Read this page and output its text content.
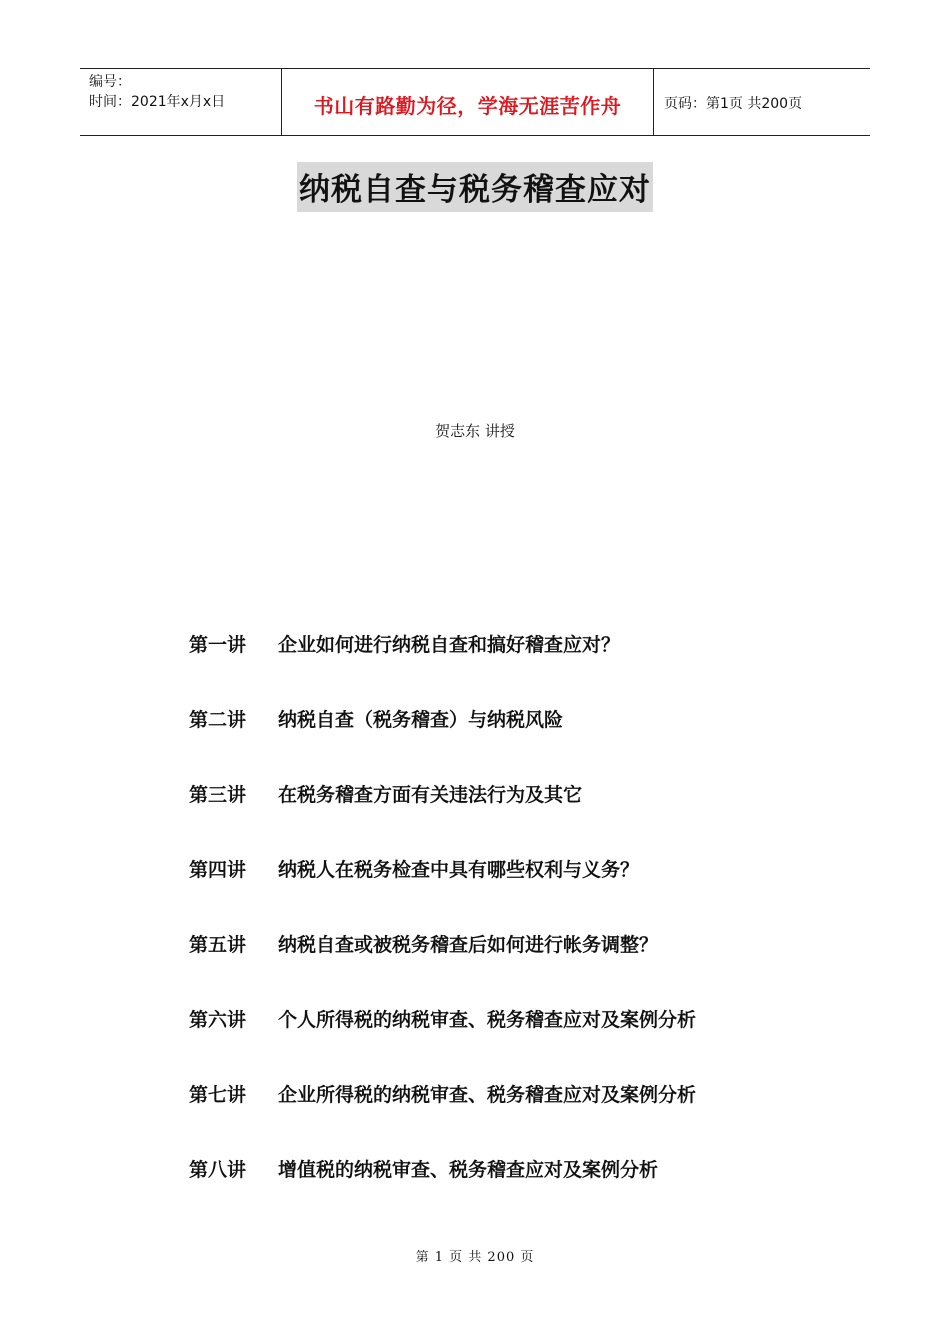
编号：
时间：2021年x月x日	书山有路勤为径，学海无涯苦作舟	页码：第1页 共200页
纳税自查与税务稽查应对
贺志东 讲授
第一讲 企业如何进行纳税自查和搞好稽查应对？
第二讲 纳税自查（税务稽查）与纳税风险
第三讲 在税务稽查方面有关违法行为及其它
第四讲 纳税人在税务检查中具有哪些权利与义务？
第五讲 纳税自查或被税务稽查后如何进行帐务调整？
第六讲 个人所得税的纳税审查、税务稽查应对及案例分析
第七讲 企业所得税的纳税审查、税务稽查应对及案例分析
第八讲 增值税的纳税审查、税务稽查应对及案例分析
第 1 页 共 200 页
